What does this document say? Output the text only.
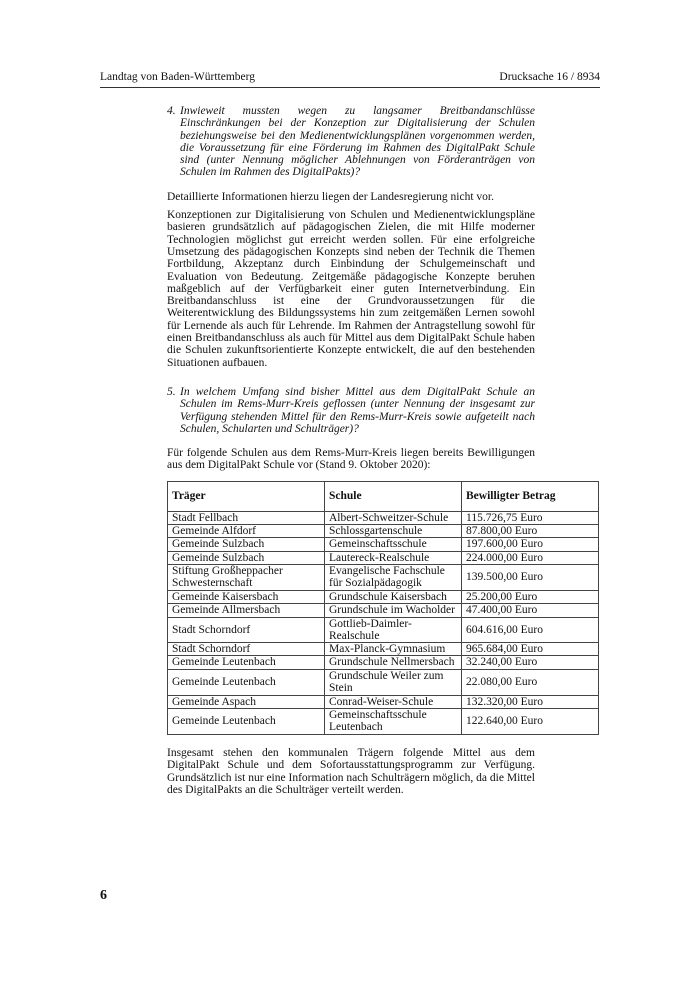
Landtag von Baden-Württemberg	Drucksache 16 / 8934
4. Inwieweit mussten wegen zu langsamer Breitbandanschlüsse Einschränkungen bei der Konzeption zur Digitalisierung der Schulen beziehungsweise bei den Medienentwicklungsplänen vorgenommen werden, die Voraussetzung für eine Förderung im Rahmen des DigitalPakt Schule sind (unter Nennung möglicher Ablehnungen von Förderanträgen von Schulen im Rahmen des DigitalPakts)?

Detaillierte Informationen hierzu liegen der Landesregierung nicht vor.

Konzeptionen zur Digitalisierung von Schulen und Medienentwicklungspläne basieren grundsätzlich auf pädagogischen Zielen, die mit Hilfe moderner Technologien möglichst gut erreicht werden sollen. Für eine erfolgreiche Umsetzung des pädagogischen Konzepts sind neben der Technik die Themen Fortbildung, Akzeptanz durch Einbindung der Schulgemeinschaft und Evaluation von Bedeutung. Zeitgemäße pädagogische Konzepte beruhen maßgeblich auf der Verfügbarkeit einer guten Internetverbindung. Ein Breitbandanschluss ist eine der Grundvoraussetzungen für die Weiterentwicklung des Bildungssystems hin zum zeitgemäßen Lernen sowohl für Lernende als auch für Lehrende. Im Rahmen der Antragstellung sowohl für einen Breitbandanschluss als auch für Mittel aus dem DigitalPakt Schule haben die Schulen zukunftsorientierte Konzepte entwickelt, die auf den bestehenden Situationen aufbauen.

5. In welchem Umfang sind bisher Mittel aus dem DigitalPakt Schule an Schulen im Rems-Murr-Kreis geflossen (unter Nennung der insgesamt zur Verfügung stehenden Mittel für den Rems-Murr-Kreis sowie aufgeteilt nach Schulen, Schularten und Schulträger)?

Für folgende Schulen aus dem Rems-Murr-Kreis liegen bereits Bewilligungen aus dem DigitalPakt Schule vor (Stand 9. Oktober 2020):

Träger	Schule	Bewilligter Betrag
Stadt Fellbach	Albert-Schweitzer-Schule	115.726,75 Euro
Gemeinde Alfdorf	Schlossgartenschule	87.800,00 Euro
Gemeinde Sulzbach	Gemeinschaftsschule	197.600,00 Euro
Gemeinde Sulzbach	Lautereck-Realschule	224.000,00 Euro
Stiftung Großheppacher Schwesternschaft	Evangelische Fachschule für Sozialpädagogik	139.500,00 Euro
Gemeinde Kaisersbach	Grundschule Kaisersbach	25.200,00 Euro
Gemeinde Allmersbach	Grundschule im Wacholder	47.400,00 Euro
Stadt Schorndorf	Gottlieb-Daimler-Realschule	604.616,00 Euro
Stadt Schorndorf	Max-Planck-Gymnasium	965.684,00 Euro
Gemeinde Leutenbach	Grundschule Nellmersbach	32.240,00 Euro
Gemeinde Leutenbach	Grundschule Weiler zum Stein	22.080,00 Euro
Gemeinde Aspach	Conrad-Weiser-Schule	132.320,00 Euro
Gemeinde Leutenbach	Gemeinschaftsschule Leutenbach	122.640,00 Euro

Insgesamt stehen den kommunalen Trägern folgende Mittel aus dem DigitalPakt Schule und dem Sofortausstattungsprogramm zur Verfügung. Grundsätzlich ist nur eine Information nach Schulträgern möglich, da die Mittel des DigitalPakts an die Schulträger verteilt werden.

6
